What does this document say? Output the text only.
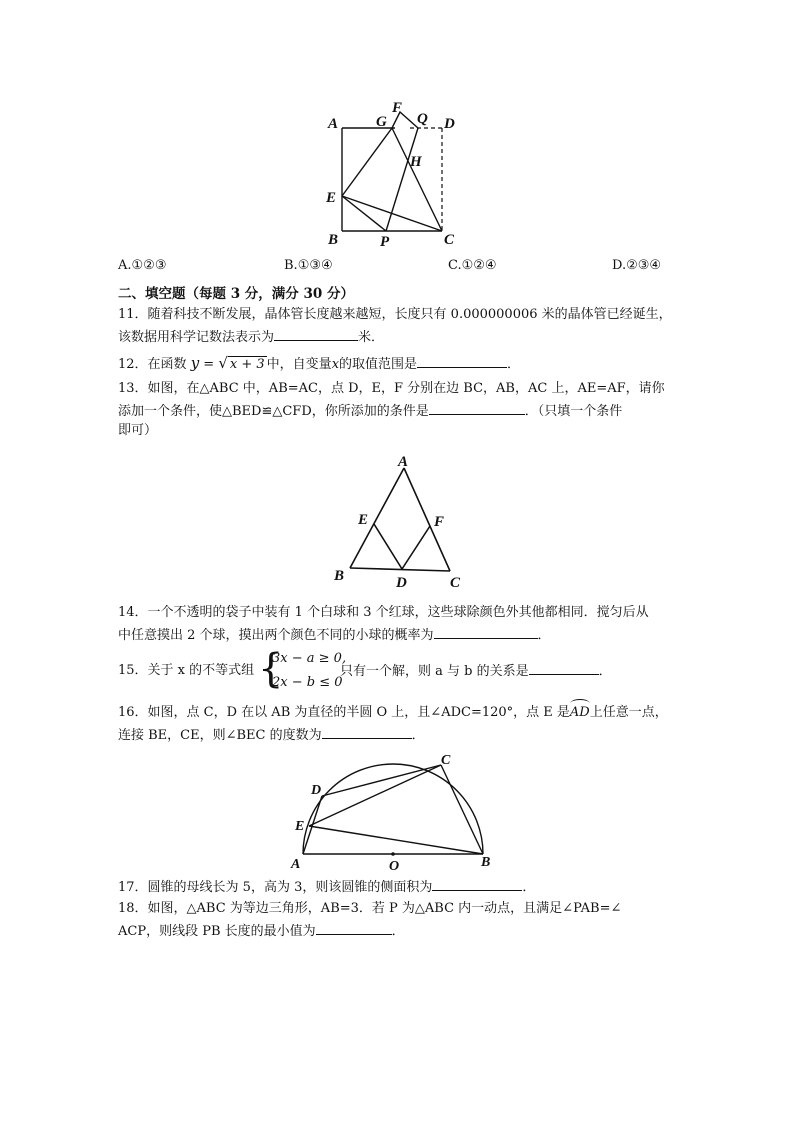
A
F
G Q D
H
E
B	P	C
A.①②③	B.①③④	C.①②④	D.②③④
二、填空题（每题 3 分，满分 30 分）
11．随着科技不断发展，晶体管长度越来越短，长度只有 0.000000006 米的晶体管已经诞生，
该数据用科学记数法表示为	米．
12．在函数 y = √ x + 3 中，自变量x的取值范围是	．
13．如图，在△ABC 中，AB=AC，点 D，E，F 分别在边 BC，AB，AC 上，AE=AF，请你
添加一个条件，使△BED≌△CFD，你所添加的条件是	．（只填一个条件
即可）
A
E	F
B	D	C
14．一个不透明的袋子中装有 1 个白球和 3 个红球，这些球除颜色外其他都相同．搅匀后从
中任意摸出 2 个球，摸出两个颜色不同的小球的概率为	．
15．关于 x 的不等式组 {
3x − a ≥ 0,
2x − b ≤ 0
只有一个解，则 a 与 b 的关系是	．
16．如图，点 C，D 在以 AB 为直径的半圆 O 上，且∠ADC=120°，点 E 是
AD上任意一点，
连接 BE，CE，则∠BEC 的度数为	．
C
D
E
A	O	B
17．圆锥的母线长为 5，高为 3，则该圆锥的侧面积为	．
18．如图，△ABC 为等边三角形，AB=3．若 P 为△ABC 内一动点，且满足∠PAB=∠
ACP，则线段 PB 长度的最小值为	．
